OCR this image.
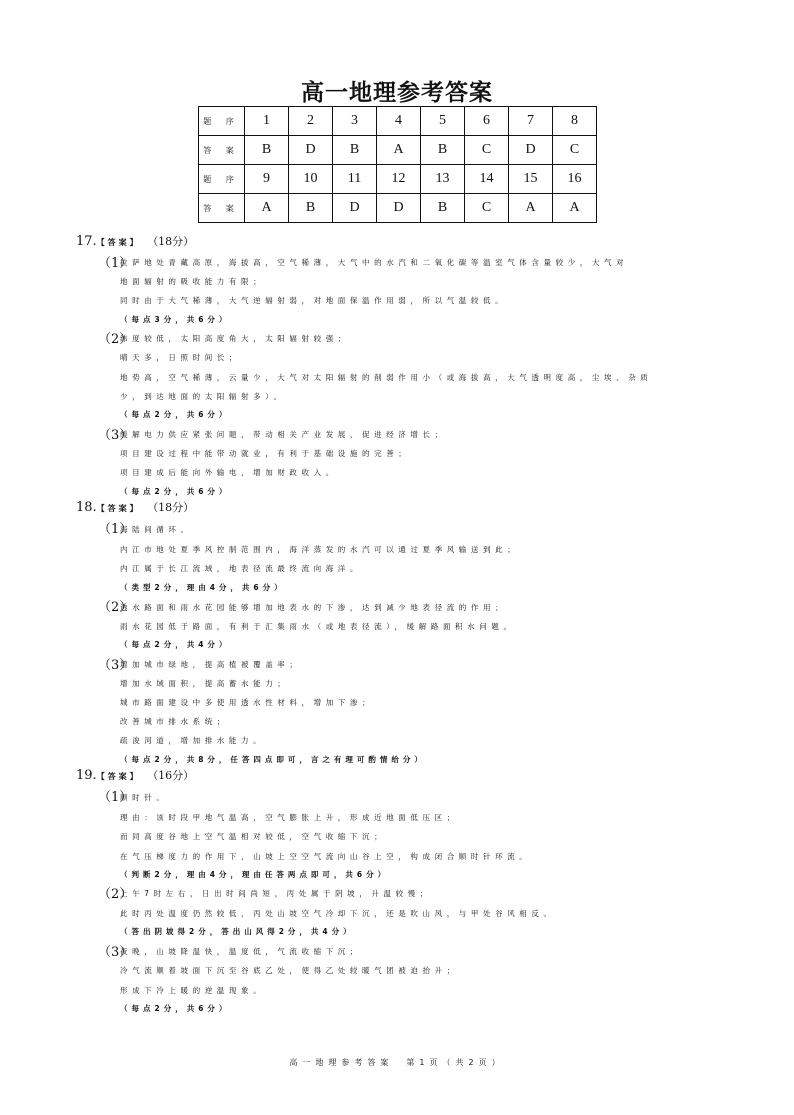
高一地理参考答案
题 序	1	2	3	4	5	6	7	8
答 案	B	D	B	A	B	C	D	C
题 序	9	10	11	12	13	14	15	16
答 案	A	B	D	D	B	C	A	A
17.【答案】 （18分）
（1）
拉萨地处青藏高原，海拔高，空气稀薄，大气中的水汽和二氧化碳等温室气体含量较少，大气对
地面辐射的吸收能力有限；
同时由于大气稀薄，大气逆辐射弱，对地面保温作用弱，所以气温较低。
（每点3分，共6分）
（2）
纬度较低，太阳高度角大，太阳辐射较强；
晴天多，日照时间长；
地势高，空气稀薄，云量少，大气对太阳辐射的削弱作用小（或海拔高，大气透明度高，尘埃、杂质
少，到达地面的太阳辐射多）。
（每点2分，共6分）
（3）
缓解电力供应紧张问题，带动相关产业发展，促进经济增长；
项目建设过程中能带动就业，有利于基础设施的完善；
项目建成后能向外输电，增加财政收入。
（每点2分，共6分）
18.【答案】 （18分）
（1）
海陆间循环。
内江市地处夏季风控制范围内，海洋蒸发的水汽可以通过夏季风输送到此；
内江属于长江流域，地表径流最终流向海洋。
（类型2分，理由4分，共6分）
（2）
透水路面和雨水花园能够增加地表水的下渗，达到减少地表径流的作用；
雨水花园低于路面，有利于汇集雨水（或地表径流），缓解路面积水问题。
（每点2分，共4分）
（3）
增加城市绿地，提高植被覆盖率；
增加水域面积，提高蓄水能力；
城市路面建设中多使用透水性材料，增加下渗；
改善城市排水系统；
疏浚河道，增加排水能力。
（每点2分，共8分，任答四点即可，言之有理可酌情给分）
19.【答案】 （16分）
（1）
顺时针。
理由：该时段甲地气温高，空气膨胀上升，形成近地面低压区；
而同高度谷地上空气温相对较低，空气收缩下沉；
在气压梯度力的作用下，山坡上空空气流向山谷上空，构成闭合顺时针环流。
（判断2分，理由4分，理由任答两点即可，共6分）
（2）
上午7时左右，日出时间尚短，丙处属于阴坡，升温较慢；
此时丙处温度仍然较低，丙处山坡空气冷却下沉，还是吹山风，与甲处谷风相反。
（答出阴坡得2分，答出山风得2分，共4分）
（3）
夜晚，山坡降温快，温度低，气流收缩下沉；
冷气流顺着坡面下沉至谷底乙处，使得乙处较暖气团被迫抬升；
形成下冷上暖的逆温现象。
（每点2分，共6分）
高一地理参考答案　第1页（共2页）
